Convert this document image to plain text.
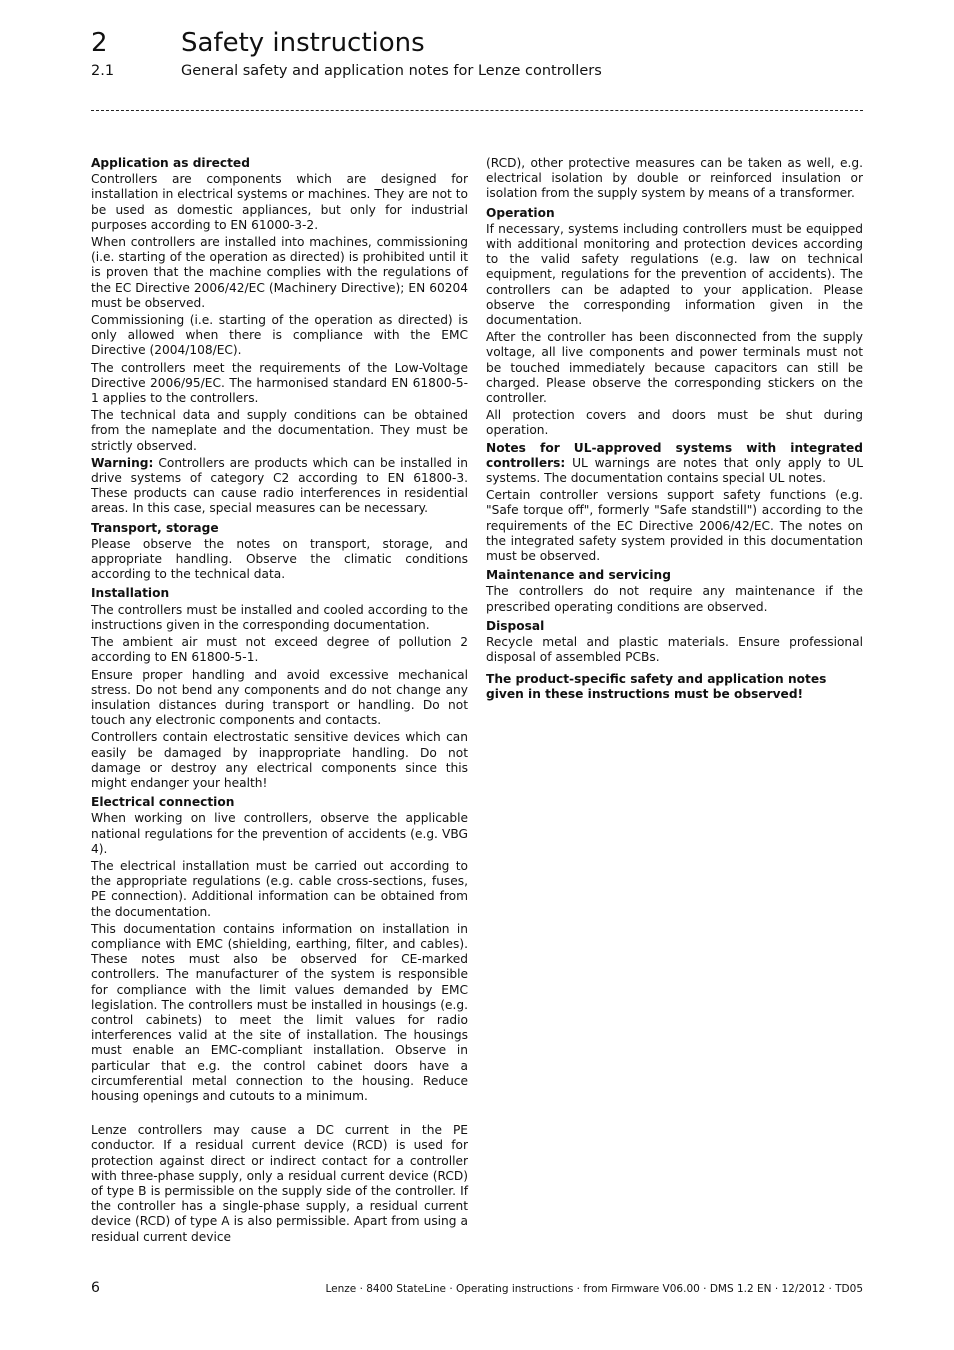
2	Safety instructions
2.1	General safety and application notes for Lenze controllers
Application as directed

Controllers are components which are designed for installation in electrical systems or machines. They are not to be used as domestic appliances, but only for industrial purposes according to EN 61000-3-2.

When controllers are installed into machines, commissioning (i.e. starting of the operation as directed) is prohibited until it is proven that the machine complies with the regulations of the EC Directive 2006/42/EC (Machinery Directive); EN 60204 must be observed.

Commissioning (i.e. starting of the operation as directed) is only allowed when there is compliance with the EMC Directive (2004/108/EC).

The controllers meet the requirements of the Low-Voltage Directive 2006/95/EC. The harmonised standard EN 61800-5-1 applies to the controllers.

The technical data and supply conditions can be obtained from the nameplate and the documentation. They must be strictly observed.

Warning: Controllers are products which can be installed in drive systems of category C2 according to EN 61800-3. These products can cause radio interferences in residential areas. In this case, special measures can be necessary.

Transport, storage

Please observe the notes on transport, storage, and appropriate handling. Observe the climatic conditions according to the technical data.

Installation

The controllers must be installed and cooled according to the instructions given in the corresponding documentation.

The ambient air must not exceed degree of pollution 2 according to EN 61800-5-1.

Ensure proper handling and avoid excessive mechanical stress. Do not bend any components and do not change any insulation distances during transport or handling. Do not touch any electronic components and contacts.

Controllers contain electrostatic sensitive devices which can easily be damaged by inappropriate handling. Do not damage or destroy any electrical components since this might endanger your health!

Electrical connection

When working on live controllers, observe the applicable national regulations for the prevention of accidents (e.g. VBG 4).

The electrical installation must be carried out according to the appropriate regulations (e.g. cable cross-sections, fuses, PE connection). Additional information can be obtained from the documentation.

This documentation contains information on installation in compliance with EMC (shielding, earthing, filter, and cables). These notes must also be observed for CE-marked controllers. The manufacturer of the system is responsible for compliance with the limit values demanded by EMC legislation. The controllers must be installed in housings (e.g. control cabinets) to meet the limit values for radio interferences valid at the site of installation. The housings must enable an EMC-compliant installation. Observe in particular that e.g. the control cabinet doors have a circumferential metal connection to the housing. Reduce housing openings and cutouts to a minimum.

Lenze controllers may cause a DC current in the PE conductor. If a residual current device (RCD) is used for protection against direct or indirect contact for a controller with three-phase supply, only a residual current device (RCD) of type B is permissible on the supply side of the controller. If the controller has a single-phase supply, a residual current device (RCD) of type A is also permissible. Apart from using a residual current device

(RCD), other protective measures can be taken as well, e.g. electrical isolation by double or reinforced insulation or isolation from the supply system by means of a transformer.

Operation

If necessary, systems including controllers must be equipped with additional monitoring and protection devices according to the valid safety regulations (e.g. law on technical equipment, regulations for the prevention of accidents). The controllers can be adapted to your application. Please observe the corresponding information given in the documentation.

After the controller has been disconnected from the supply voltage, all live components and power terminals must not be touched immediately because capacitors can still be charged. Please observe the corresponding stickers on the controller.

All protection covers and doors must be shut during operation.

Notes for UL-approved systems with integrated controllers: UL warnings are notes that only apply to UL systems. The documentation contains special UL notes.

Certain controller versions support safety functions (e.g. "Safe torque off", formerly "Safe standstill") according to the requirements of the EC Directive 2006/42/EC. The notes on the integrated safety system provided in this documentation must be observed.

Maintenance and servicing

The controllers do not require any maintenance if the prescribed operating conditions are observed.

Disposal

Recycle metal and plastic materials. Ensure professional disposal of assembled PCBs.

The product-specific safety and application notes given in these instructions must be observed!

6	Lenze · 8400 StateLine · Operating instructions · from Firmware V06.00 · DMS 1.2 EN · 12/2012 · TD05
